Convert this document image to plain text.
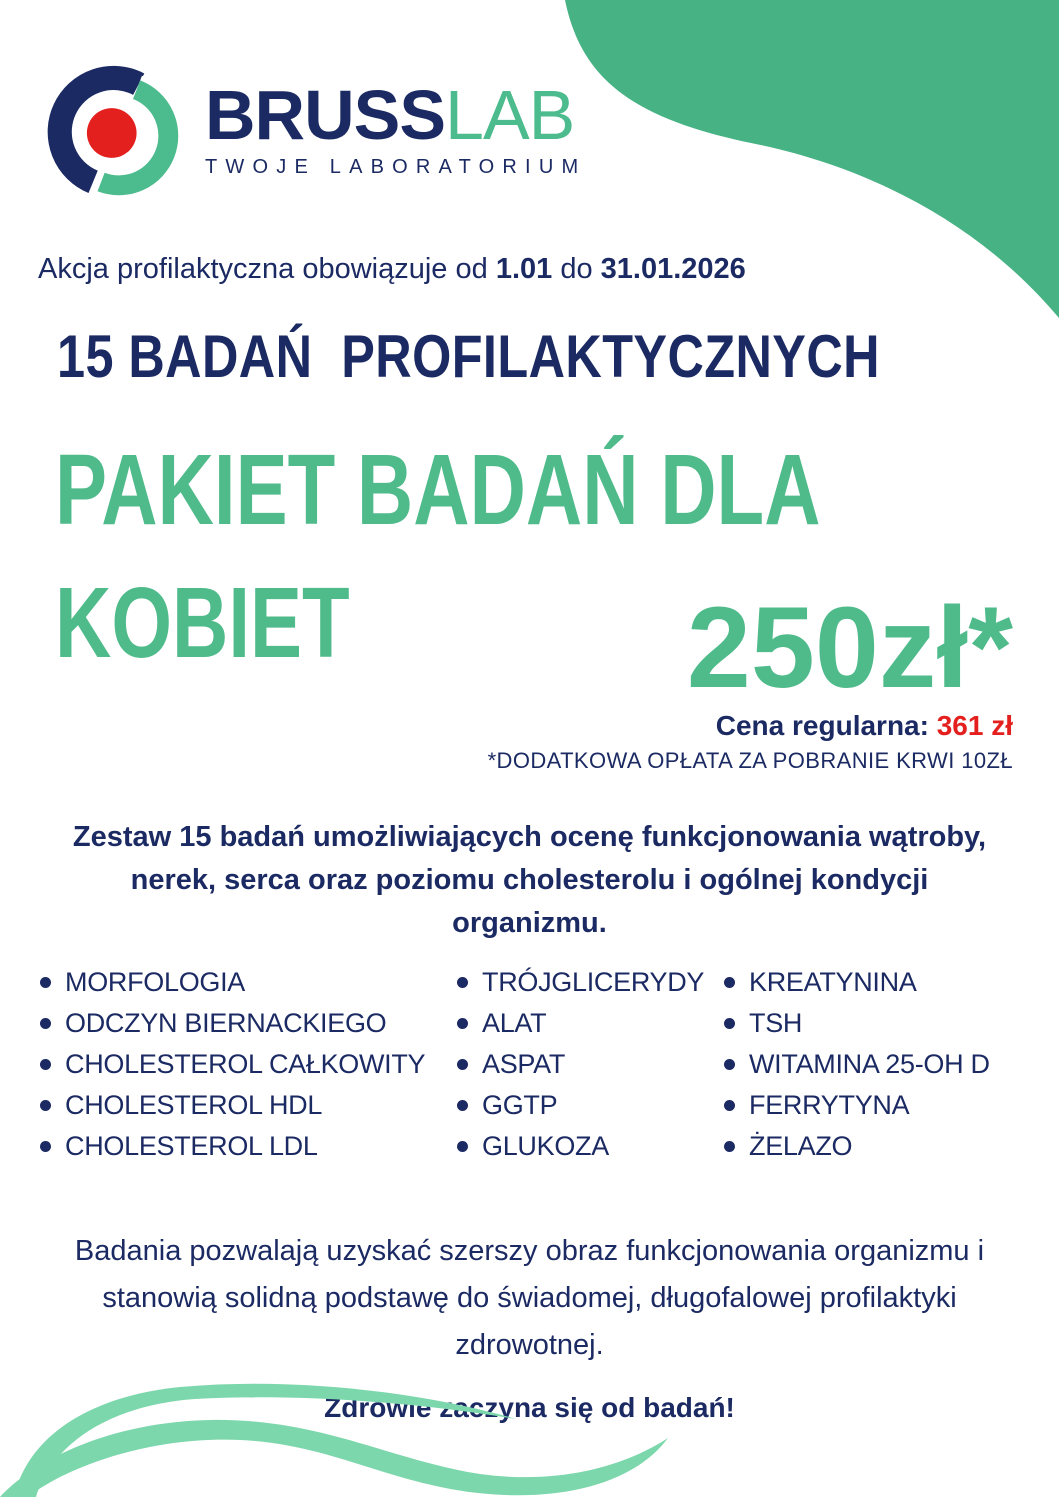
BRUSSLAB
TWOJE LABORATORIUM
Akcja profilaktyczna obowiązuje od 1.01 do 31.01.2026
15 BADAŃ  PROFILAKTYCZNYCH
PAKIET BADAŃ DLA
KOBIET	250zł*
Cena regularna: 361 zł
*DODATKOWA OPŁATA ZA POBRANIE KRWI 10ZŁ
Zestaw 15 badań umożliwiających ocenę funkcjonowania wątroby, nerek, serca oraz poziomu cholesterolu i ogólnej kondycji organizmu.
MORFOLOGIA
ODCZYN BIERNACKIEGO
CHOLESTEROL CAŁKOWITY
CHOLESTEROL HDL
CHOLESTEROL LDL
TRÓJGLICERYDY
ALAT
ASPAT
GGTP
GLUKOZA
KREATYNINA
TSH
WITAMINA 25-OH D
FERRYTYNA
ŻELAZO
Badania pozwalają uzyskać szerszy obraz funkcjonowania organizmu i stanowią solidną podstawę do świadomej, długofalowej profilaktyki zdrowotnej.
Zdrowie zaczyna się od badań!
